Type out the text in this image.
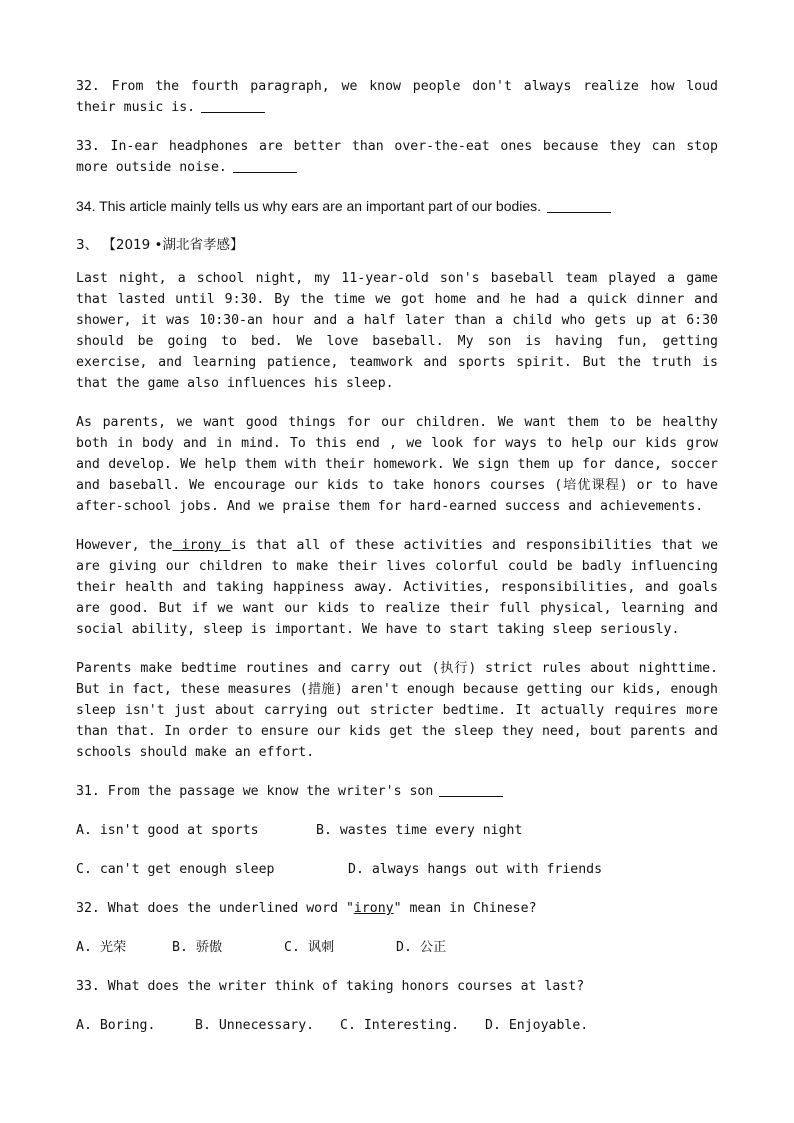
32. From the fourth paragraph, we know people don't always realize how loud their music is.

33. In-ear headphones are better than over-the-eat ones because they can stop more outside noise.

34. This article mainly tells us why ears are an important part of our bodies.

3、 【2019 •湖北省孝感】

Last night, a school night, my 11-year-old son's baseball team played a game that lasted until 9:30. By the time we got home and he had a quick dinner and shower, it was 10:30-an hour and a half later than a child who gets up at 6:30 should be going to bed. We love baseball. My son is having fun, getting exercise, and learning patience, teamwork and sports spirit. But the truth is that the game also influences his sleep.

As parents, we want good things for our children. We want them to be healthy both in body and in mind. To this end , we look for ways to help our kids grow and develop. We help them with their homework. We sign them up for dance, soccer and baseball. We encourage our kids to take honors courses (培优课程) or to have after-school jobs. And we praise them for hard-earned success and achievements.

However, the irony is that all of these activities and responsibilities that we are giving our children to make their lives colorful could be badly influencing their health and taking happiness away. Activities, responsibilities, and goals are good. But if we want our kids to realize their full physical, learning and social ability, sleep is important. We have to start taking sleep seriously.

Parents make bedtime routines and carry out (执行) strict rules about nighttime. But in fact, these measures (措施) aren't enough because getting our kids, enough sleep isn't just about carrying out stricter bedtime. It actually requires more than that. In order to ensure our kids get the sleep they need, bout parents and schools should make an effort.

31. From the passage we know the writer's son

A. isn't good at sports	B. wastes time every night
C. can't get enough sleep	D. always hangs out with friends

32. What does the underlined word "irony" mean in Chinese?

A. 光荣	B. 骄傲	C. 讽刺	D. 公正

33. What does the writer think of taking honors courses at last?

A. Boring.	B. Unnecessary.	C. Interesting.	D. Enjoyable.
